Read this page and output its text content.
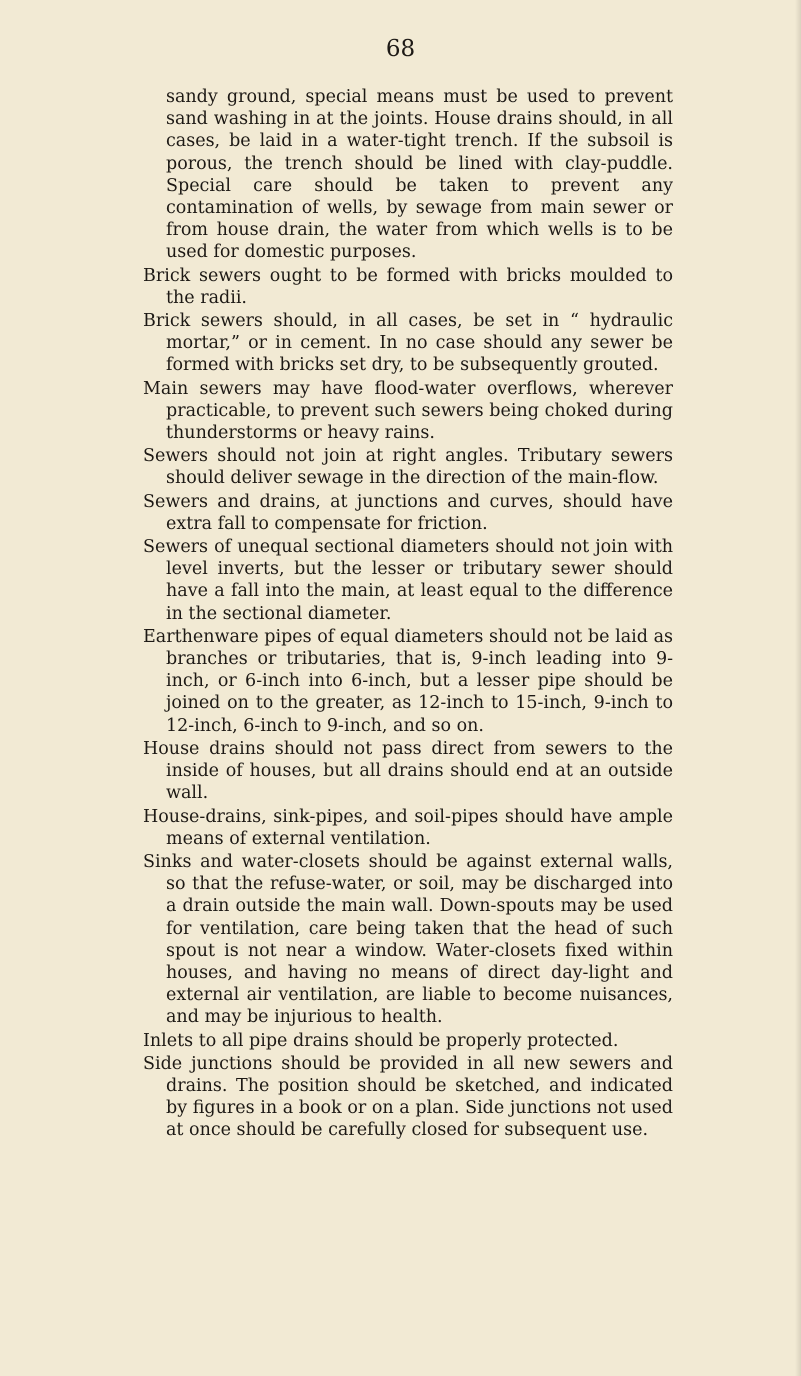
68

sandy ground, special means must be used to prevent sand washing in at the joints. House drains should, in all cases, be laid in a water-tight trench. If the subsoil is porous, the trench should be lined with clay-puddle. Special care should be taken to prevent any contamination of wells, by sewage from main sewer or from house drain, the water from which wells is to be used for domestic purposes.

Brick sewers ought to be formed with bricks moulded to the radii.

Brick sewers should, in all cases, be set in “ hydraulic mortar,” or in cement. In no case should any sewer be formed with bricks set dry, to be subsequently grouted.

Main sewers may have flood-water overflows, wherever practicable, to prevent such sewers being choked during thunderstorms or heavy rains.

Sewers should not join at right angles. Tributary sewers should deliver sewage in the direction of the main-flow.

Sewers and drains, at junctions and curves, should have extra fall to compensate for friction.

Sewers of unequal sectional diameters should not join with level inverts, but the lesser or tributary sewer should have a fall into the main, at least equal to the difference in the sectional diameter.

Earthenware pipes of equal diameters should not be laid as branches or tributaries, that is, 9-inch leading into 9-inch, or 6-inch into 6-inch, but a lesser pipe should be joined on to the greater, as 12-inch to 15-inch, 9-inch to 12-inch, 6-inch to 9-inch, and so on.

House drains should not pass direct from sewers to the inside of houses, but all drains should end at an outside wall.

House-drains, sink-pipes, and soil-pipes should have ample means of external ventilation.

Sinks and water-closets should be against external walls, so that the refuse-water, or soil, may be discharged into a drain outside the main wall. Down-spouts may be used for ventilation, care being taken that the head of such spout is not near a window. Water-closets fixed within houses, and having no means of direct day-light and external air ventilation, are liable to become nuisances, and may be injurious to health.

Inlets to all pipe drains should be properly protected.

Side junctions should be provided in all new sewers and drains. The position should be sketched, and indicated by figures in a book or on a plan. Side junctions not used at once should be carefully closed for subsequent use.
